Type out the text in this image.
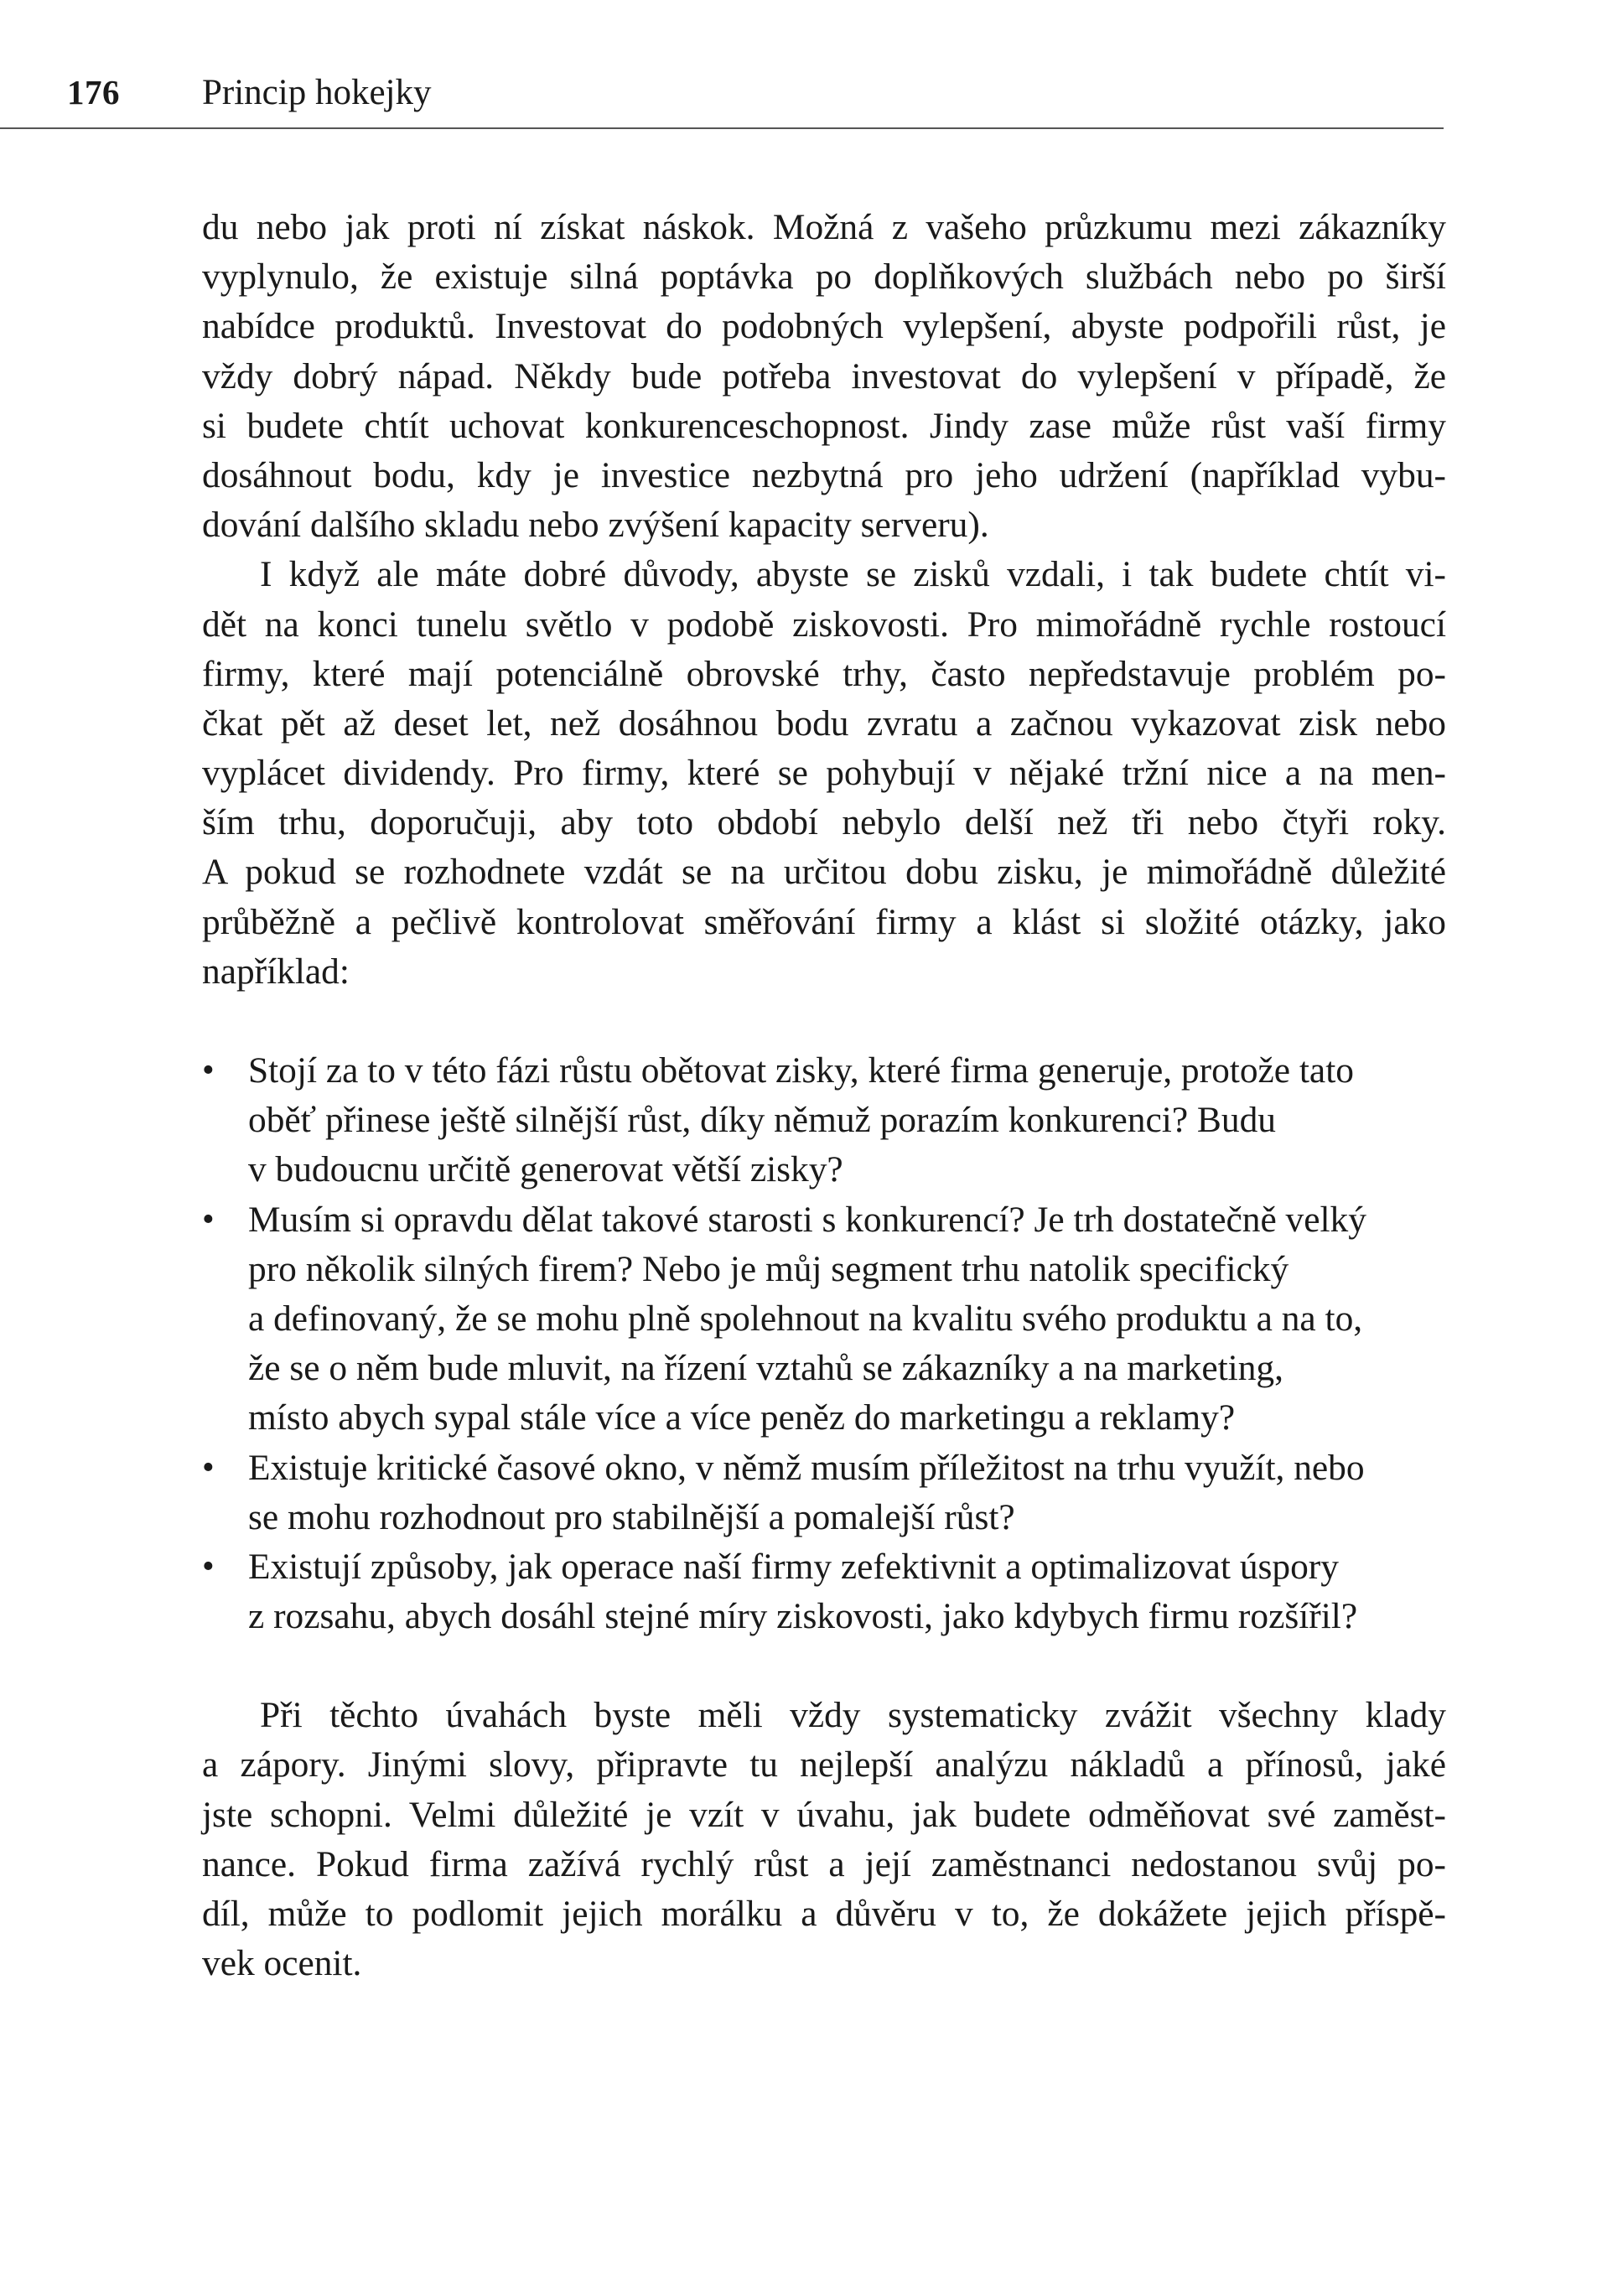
176 Princip hokejky
du nebo jak proti ní získat náskok. Možná z vašeho průzkumu mezi zákazníky
vyplynulo, že existuje silná poptávka po doplňkových službách nebo po širší
nabídce produktů. Investovat do podobných vylepšení, abyste podpořili růst, je
vždy dobrý nápad. Někdy bude potřeba investovat do vylepšení v případě, že
si budete chtít uchovat konkurenceschopnost. Jindy zase může růst vaší firmy
dosáhnout bodu, kdy je investice nezbytná pro jeho udržení (například vybu-
dování dalšího skladu nebo zvýšení kapacity serveru).
I když ale máte dobré důvody, abyste se zisků vzdali, i tak budete chtít vi-
dět na konci tunelu světlo v podobě ziskovosti. Pro mimořádně rychle rostoucí
firmy, které mají potenciálně obrovské trhy, často nepředstavuje problém po-
čkat pět až deset let, než dosáhnou bodu zvratu a začnou vykazovat zisk nebo
vyplácet dividendy. Pro firmy, které se pohybují v nějaké tržní nice a na men-
ším trhu, doporučuji, aby toto období nebylo delší než tři nebo čtyři roky.
A pokud se rozhodnete vzdát se na určitou dobu zisku, je mimořádně důležité
průběžně a pečlivě kontrolovat směřování firmy a klást si složité otázky, jako
například:
• Stojí za to v této fázi růstu obětovat zisky, které firma generuje, protože tato
oběť přinese ještě silnější růst, díky němuž porazím konkurenci? Budu
v budoucnu určitě generovat větší zisky?
• Musím si opravdu dělat takové starosti s konkurencí? Je trh dostatečně velký
pro několik silných firem? Nebo je můj segment trhu natolik specifický
a definovaný, že se mohu plně spolehnout na kvalitu svého produktu a na to,
že se o něm bude mluvit, na řízení vztahů se zákazníky a na marketing,
místo abych sypal stále více a více peněz do marketingu a reklamy?
• Existuje kritické časové okno, v němž musím příležitost na trhu využít, nebo
se mohu rozhodnout pro stabilnější a pomalejší růst?
• Existují způsoby, jak operace naší firmy zefektivnit a optimalizovat úspory
z rozsahu, abych dosáhl stejné míry ziskovosti, jako kdybych firmu rozšířil?
Při těchto úvahách byste měli vždy systematicky zvážit všechny klady
a zápory. Jinými slovy, připravte tu nejlepší analýzu nákladů a přínosů, jaké
jste schopni. Velmi důležité je vzít v úvahu, jak budete odměňovat své zaměst-
nance. Pokud firma zažívá rychlý růst a její zaměstnanci nedostanou svůj po-
díl, může to podlomit jejich morálku a důvěru v to, že dokážete jejich příspě-
vek ocenit.
